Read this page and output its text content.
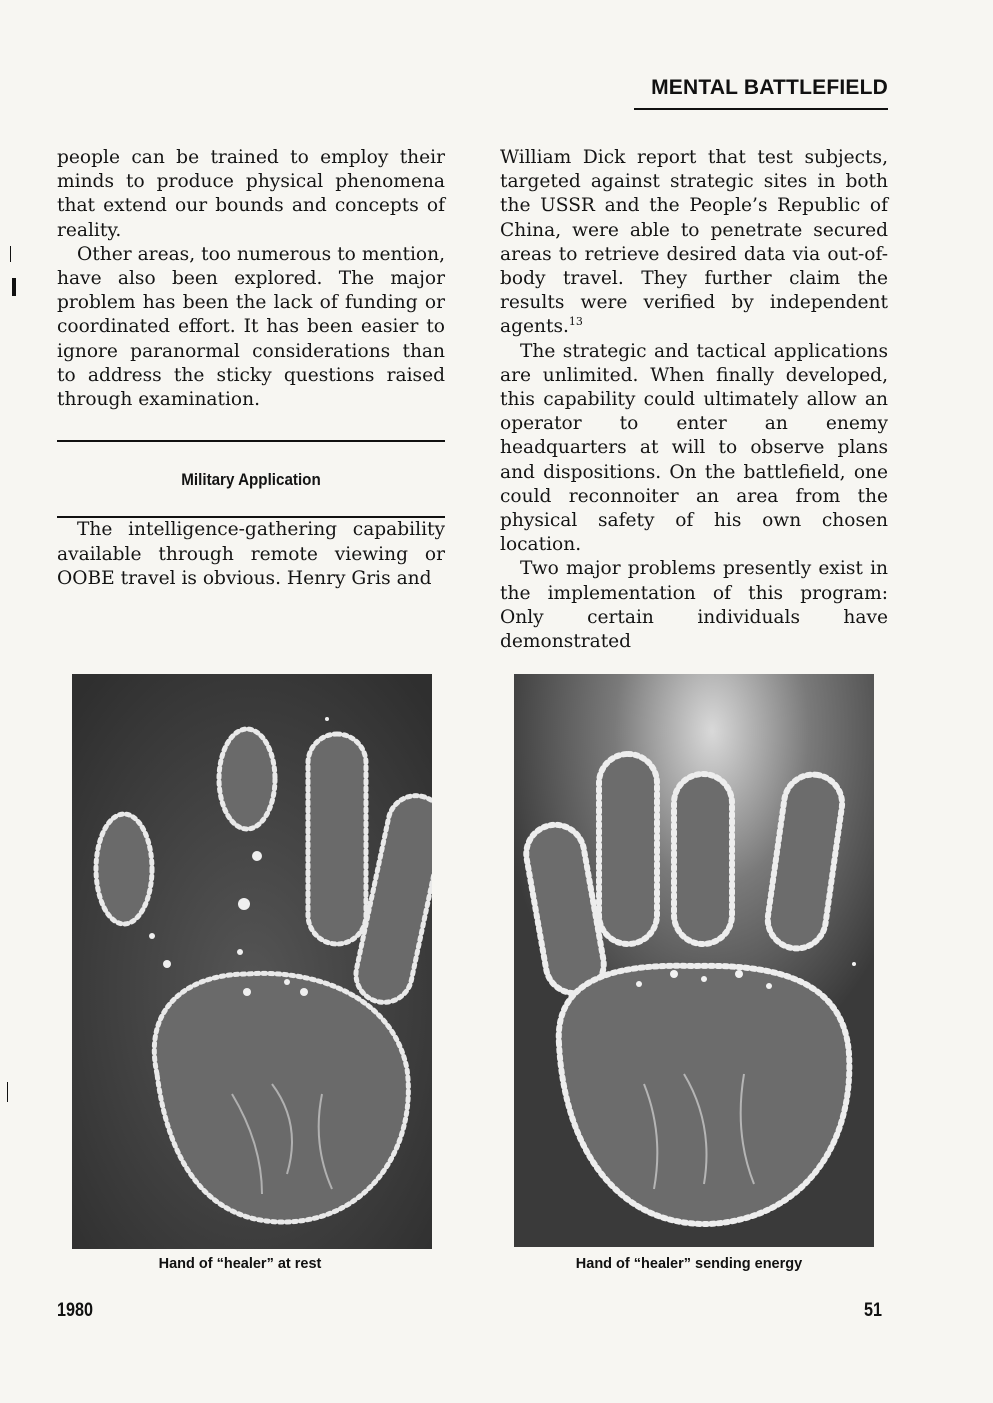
MENTAL BATTLEFIELD

people can be trained to employ their minds to produce physical phenomena that extend our bounds and concepts of reality.

Other areas, too numerous to mention, have also been explored. The major problem has been the lack of funding or coordinated effort. It has been easier to ignore paranormal considerations than to address the sticky questions raised through examination.

Military Application

The intelligence-gathering capability available through remote viewing or OOBE travel is obvious. Henry Gris and

William Dick report that test subjects, targeted against strategic sites in both the USSR and the People’s Republic of China, were able to penetrate secured areas to retrieve desired data via out-of-body travel. They further claim the results were verified by independent agents.$^{13}$

The strategic and tactical applications are unlimited. When finally developed, this capability could ultimately allow an operator to enter an enemy headquarters at will to observe plans and dispositions. On the battlefield, one could reconnoiter an area from the physical safety of his own chosen location.

Two major problems presently exist in the implementation of this program: Only certain individuals have demonstrated

Hand of “healer” at rest	Hand of “healer” sending energy
1980	51
